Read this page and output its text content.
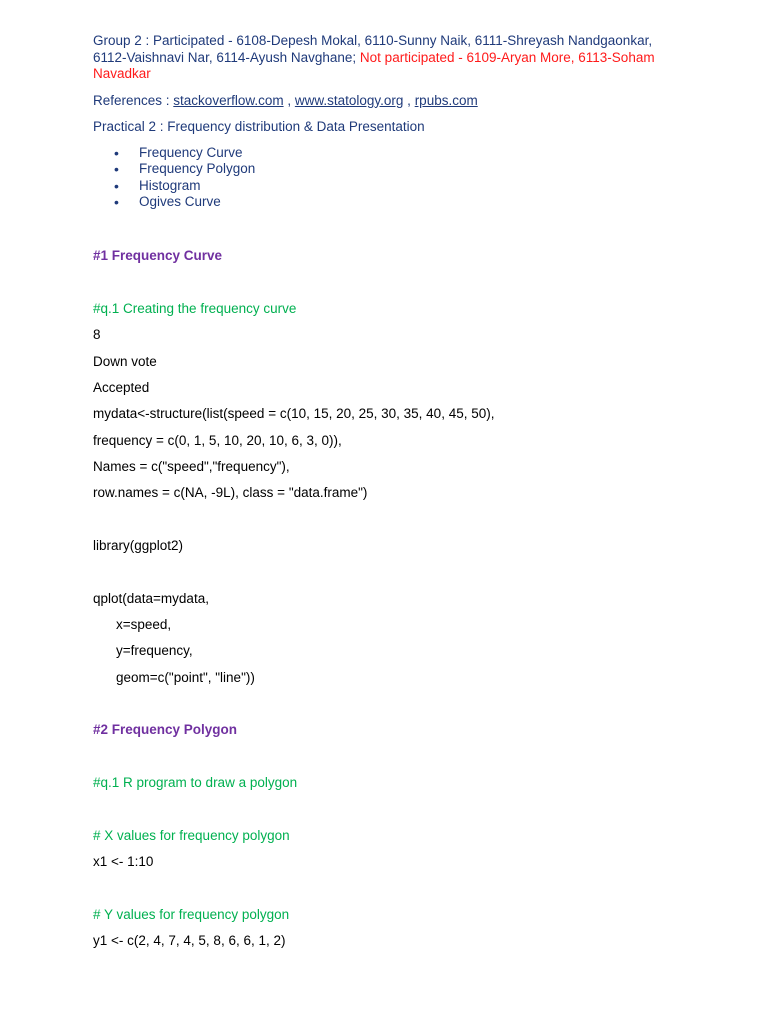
Group 2 : Participated - 6108-Depesh Mokal, 6110-Sunny Naik, 6111-Shreyash Nandgaonkar, 6112-Vaishnavi Nar, 6114-Ayush Navghane; Not participated - 6109-Aryan More, 6113-Soham Navadkar

References : stackoverflow.com , www.statology.org , rpubs.com

Practical 2 : Frequency distribution & Data Presentation

• Frequency Curve
• Frequency Polygon
• Histogram
• Ogives Curve

#1 Frequency Curve

#q.1 Creating the frequency curve

8

Down vote

Accepted

mydata<-structure(list(speed = c(10, 15, 20, 25, 30, 35, 40, 45, 50),

frequency = c(0, 1, 5, 10, 20, 10, 6, 3, 0)),

Names = c("speed","frequency"),

row.names = c(NA, -9L), class = "data.frame")

library(ggplot2)

qplot(data=mydata,

x=speed,

y=frequency,

geom=c("point", "line"))

#2 Frequency Polygon

#q.1 R program to draw a polygon

# X values for frequency polygon

x1 <- 1:10

# Y values for frequency polygon

y1 <- c(2, 4, 7, 4, 5, 8, 6, 6, 1, 2)
